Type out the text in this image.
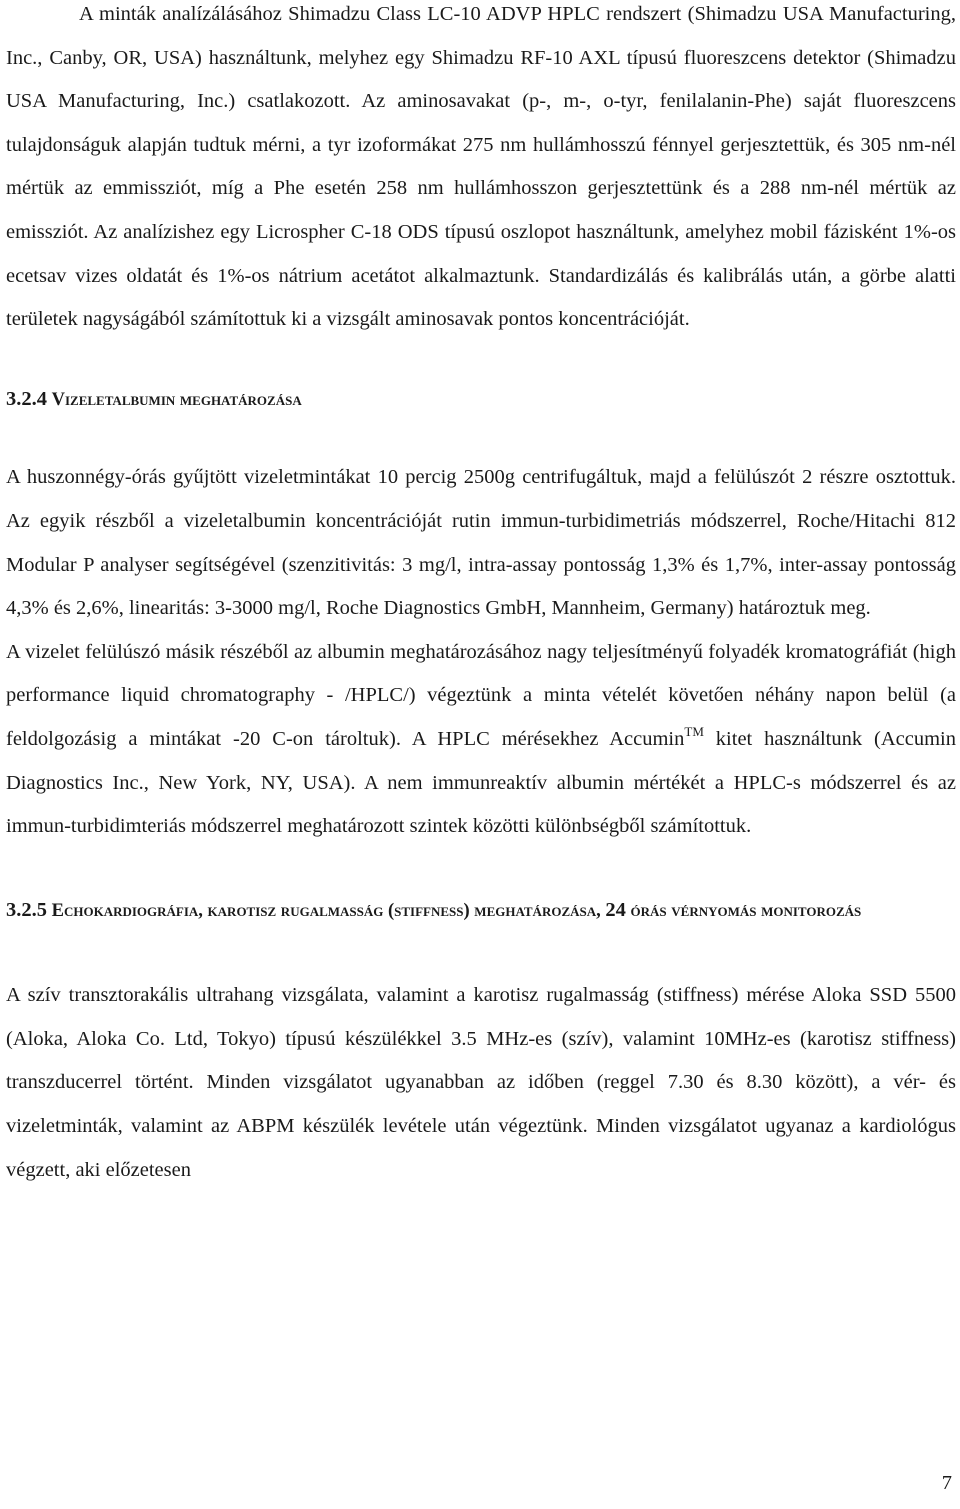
A minták analízálásához Shimadzu Class LC-10 ADVP HPLC rendszert (Shimadzu USA Manufacturing, Inc., Canby, OR, USA) használtunk, melyhez egy Shimadzu RF-10 AXL típusú fluoreszcens detektor (Shimadzu USA Manufacturing, Inc.) csatlakozott. Az aminosavakat (p-, m-, o-tyr, fenilalanin-Phe) saját fluoreszcens tulajdonságuk alapján tudtuk mérni, a tyr izoformákat 275 nm hullámhosszú fénnyel gerjesztettük, és 305 nm-nél mértük az emmissziót, míg a Phe esetén 258 nm hullámhosszon gerjesztettünk és a 288 nm-nél mértük az emissziót. Az analízishez egy Licrospher C-18 ODS típusú oszlopot használtunk, amelyhez mobil fázisként 1%-os ecetsav vizes oldatát és 1%-os nátrium acetátot alkalmaztunk. Standardizálás és kalibrálás után, a görbe alatti területek nagyságából számítottuk ki a vizsgált aminosavak pontos koncentrációját.

3.2.4 Vizeletalbumin meghatározása

A huszonnégy-órás gyűjtött vizeletmintákat 10 percig 2500g centrifugáltuk, majd a felülúszót 2 részre osztottuk. Az egyik részből a vizeletalbumin koncentrációját rutin immun-turbidimetriás módszerrel, Roche/Hitachi 812 Modular P analyser segítségével (szenzitivitás: 3 mg/l, intra-assay pontosság 1,3% és 1,7%, inter-assay pontosság 4,3% és 2,6%, linearitás: 3-3000 mg/l, Roche Diagnostics GmbH, Mannheim, Germany) határoztuk meg.

A vizelet felülúszó másik részéből az albumin meghatározásához nagy teljesítményű folyadék kromatográfiát (high performance liquid chromatography - /HPLC/) végeztünk a minta vételét követően néhány napon belül (a feldolgozásig a mintákat -20 C-on tároltuk). A HPLC mérésekhez Accumin™ kitet használtunk (Accumin Diagnostics Inc., New York, NY, USA). A nem immunreaktív albumin mértékét a HPLC-s módszerrel és az immun-turbidimteriás módszerrel meghatározott szintek közötti különbségből számítottuk.

3.2.5 Echokardiográfia, karotisz rugalmasság (stiffness) meghatározása, 24 órás vérnyomás monitorozás

A szív transztorakális ultrahang vizsgálata, valamint a karotisz rugalmasság (stiffness) mérése Aloka SSD 5500 (Aloka, Aloka Co. Ltd, Tokyo) típusú készülékkel 3.5 MHz-es (szív), valamint 10MHz-es (karotisz stiffness) transzducerrel történt. Minden vizsgálatot ugyanabban az időben (reggel 7.30 és 8.30 között), a vér- és vizeletminták, valamint az ABPM készülék levétele után végeztünk. Minden vizsgálatot ugyanaz a kardiológus végzett, aki előzetesen

7
